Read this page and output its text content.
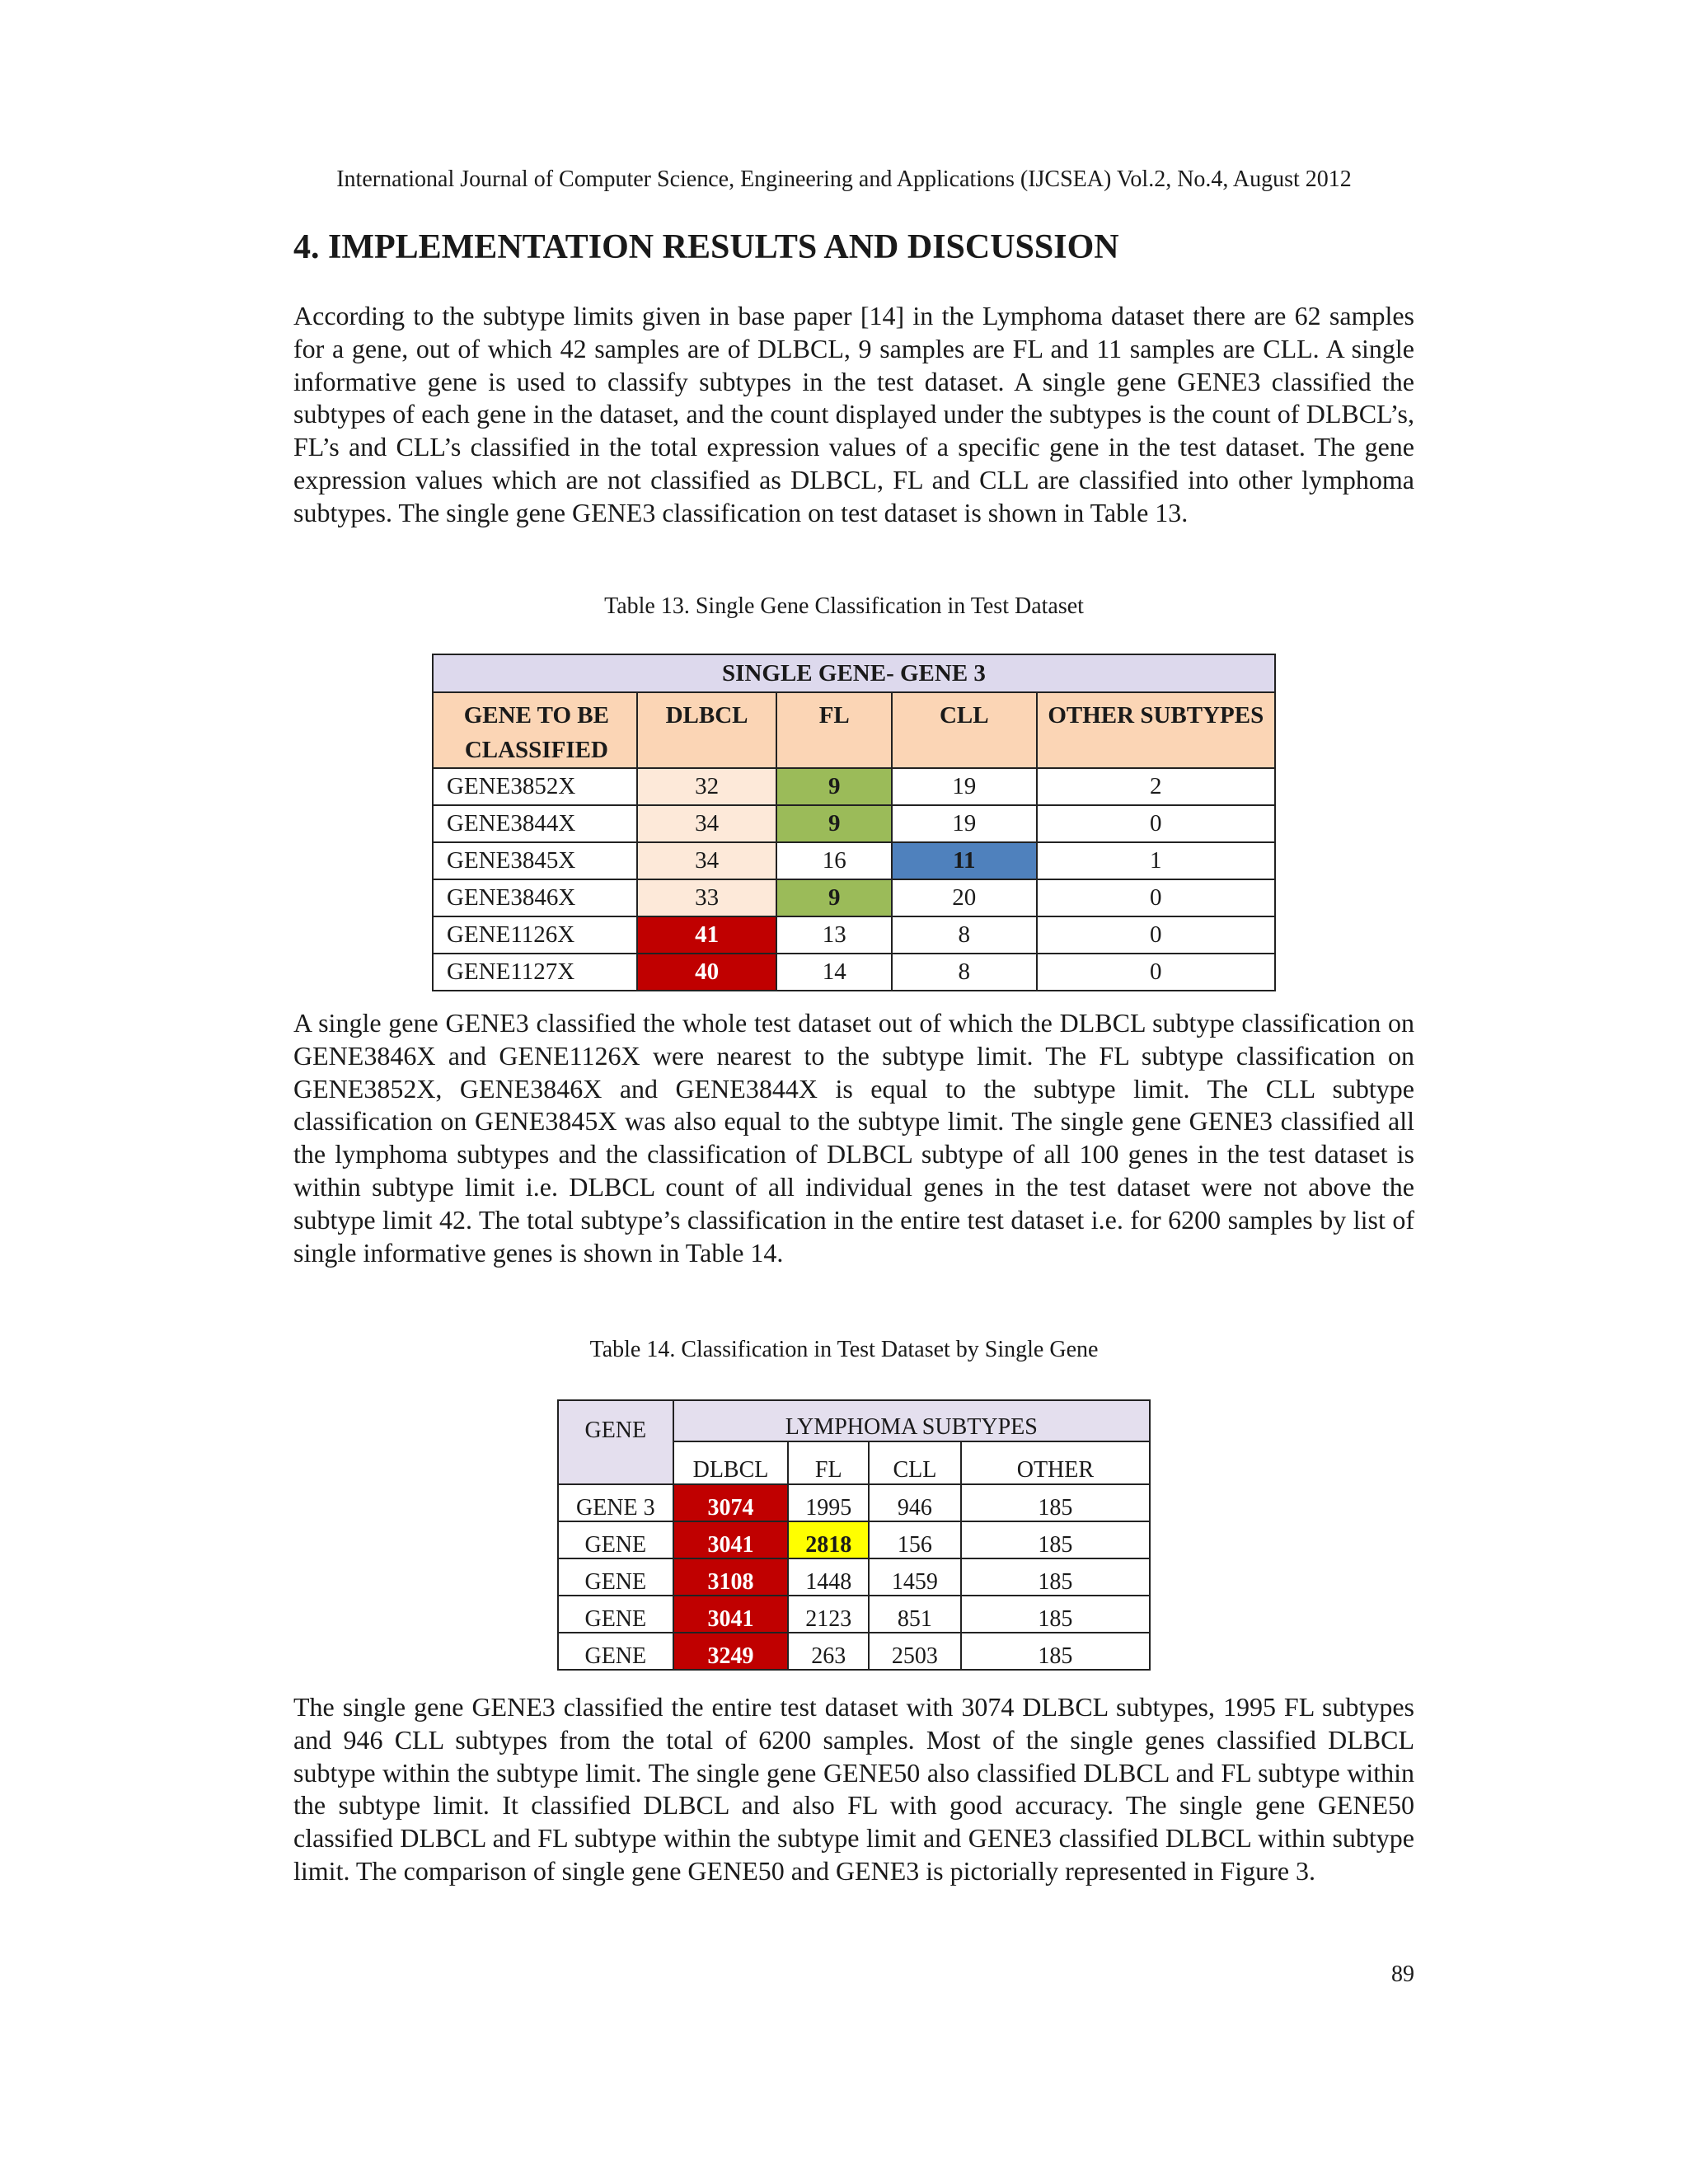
International Journal of Computer Science, Engineering and Applications (IJCSEA) Vol.2, No.4, August 2012
4. IMPLEMENTATION RESULTS AND DISCUSSION

According to the subtype limits given in base paper [14] in the Lymphoma dataset there are 62 samples for a gene, out of which 42 samples are of DLBCL, 9 samples are FL and 11 samples are CLL. A single informative gene is used to classify subtypes in the test dataset. A single gene GENE3 classified the subtypes of each gene in the dataset, and the count displayed under the subtypes is the count of DLBCL’s, FL’s and CLL’s classified in the total expression values of a specific gene in the test dataset. The gene expression values which are not classified as DLBCL, FL and CLL are classified into other lymphoma subtypes. The single gene GENE3 classification on test dataset is shown in Table 13.

Table 13. Single Gene Classification in Test Dataset
SINGLE GENE- GENE 3				
GENE TO BE CLASSIFIED	DLBCL	FL	CLL	OTHER SUBTYPES
GENE3852X	32	9	19	2
GENE3844X	34	9	19	0
GENE3845X	34	16	11	1
GENE3846X	33	9	20	0
GENE1126X	41	13	8	0
GENE1127X	40	14	8	0

A single gene GENE3 classified the whole test dataset out of which the DLBCL subtype classification on GENE3846X and GENE1126X were nearest to the subtype limit. The FL subtype classification on GENE3852X, GENE3846X and GENE3844X is equal to the subtype limit. The CLL subtype classification on GENE3845X was also equal to the subtype limit. The single gene GENE3 classified all the lymphoma subtypes and the classification of DLBCL subtype of all 100 genes in the test dataset is within subtype limit i.e. DLBCL count of all individual genes in the test dataset were not above the subtype limit 42. The total subtype’s classification in the entire test dataset i.e. for 6200 samples by list of single informative genes is shown in Table 14.

Table 14. Classification in Test Dataset by Single Gene
GENE	LYMPHOMA SUBTYPES			
	DLBCL	FL	CLL	OTHER
GENE 3	3074	1995	946	185
GENE	3041	2818	156	185
GENE	3108	1448	1459	185
GENE	3041	2123	851	185
GENE	3249	263	2503	185

The single gene GENE3 classified the entire test dataset with 3074 DLBCL subtypes, 1995 FL subtypes and 946 CLL subtypes from the total of 6200 samples. Most of the single genes classified DLBCL subtype within the subtype limit. The single gene GENE50 also classified DLBCL and FL subtype within the subtype limit. It classified DLBCL and also FL with good accuracy. The single gene GENE50 classified DLBCL and FL subtype within the subtype limit and GENE3 classified DLBCL within subtype limit. The comparison of single gene GENE50 and GENE3 is pictorially represented in Figure 3.

89
